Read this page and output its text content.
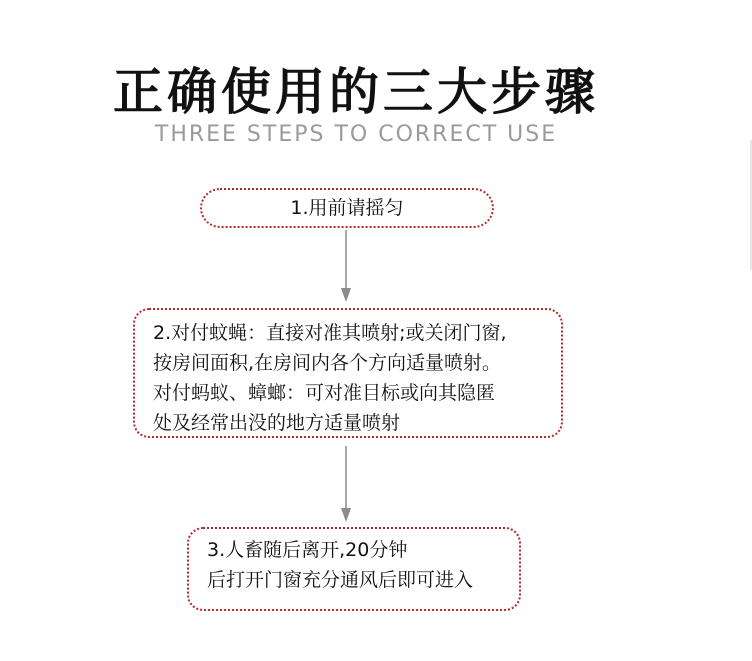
正确使用的三大步骤
THREE STEPS TO CORRECT USE
1.用前请摇匀
2.对付蚊蝇：直接对准其喷射;或关闭门窗,
按房间面积,在房间内各个方向适量喷射。
对付蚂蚁、蟑螂：可对准目标或向其隐匿
处及经常出没的地方适量喷射
3.人畜随后离开,20分钟
后打开门窗充分通风后即可进入
